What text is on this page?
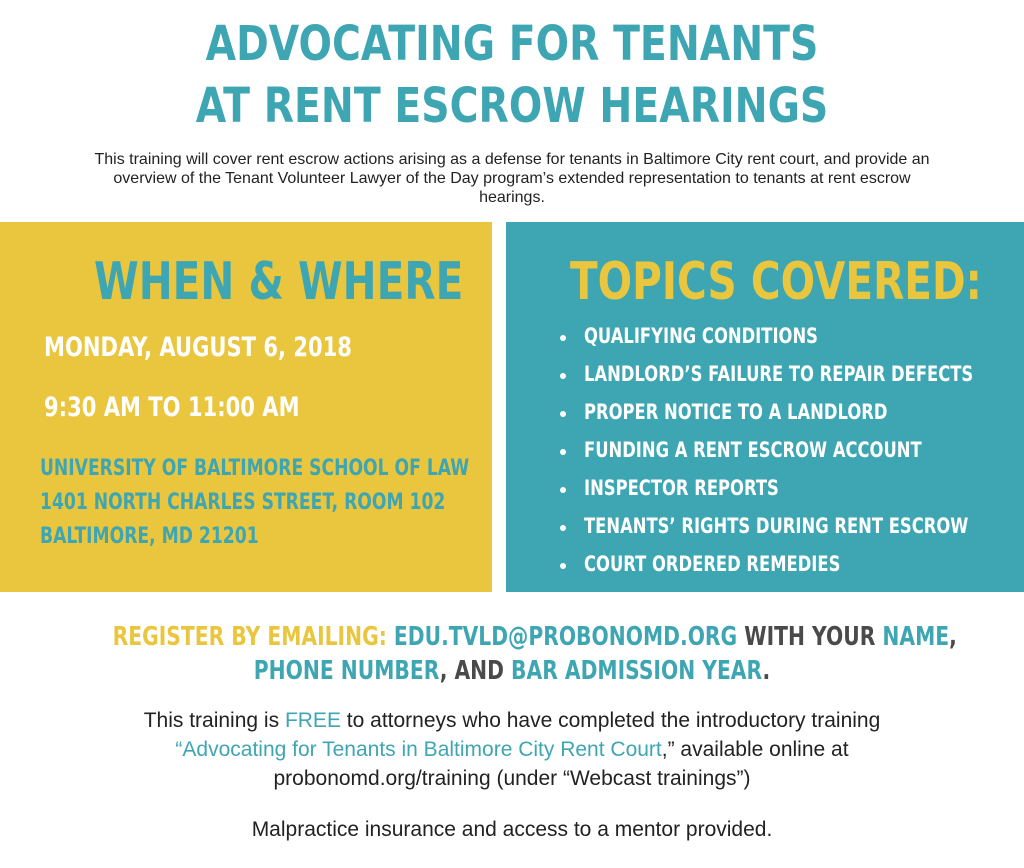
ADVOCATING FOR TENANTS
AT RENT ESCROW HEARINGS
This training will cover rent escrow actions arising as a defense for tenants in Baltimore City rent court, and provide an overview of the Tenant Volunteer Lawyer of the Day program’s extended representation to tenants at rent escrow hearings.
WHEN & WHERE
MONDAY, AUGUST 6, 2018
9:30 AM TO 11:00 AM
UNIVERSITY OF BALTIMORE SCHOOL OF LAW
1401 NORTH CHARLES STREET, ROOM 102
BALTIMORE, MD 21201
TOPICS COVERED:
QUALIFYING CONDITIONS
LANDLORD’S FAILURE TO REPAIR DEFECTS
PROPER NOTICE TO A LANDLORD
FUNDING A RENT ESCROW ACCOUNT
INSPECTOR REPORTS
TENANTS’ RIGHTS DURING RENT ESCROW
COURT ORDERED REMEDIES
REGISTER BY EMAILING: EDU.TVLD@PROBONOMD.ORG WITH YOUR NAME,
PHONE NUMBER, AND BAR ADMISSION YEAR.
This training is FREE to attorneys who have completed the introductory training
“Advocating for Tenants in Baltimore City Rent Court,” available online at
probonomd.org/training (under “Webcast trainings”)
Malpractice insurance and access to a mentor provided.
